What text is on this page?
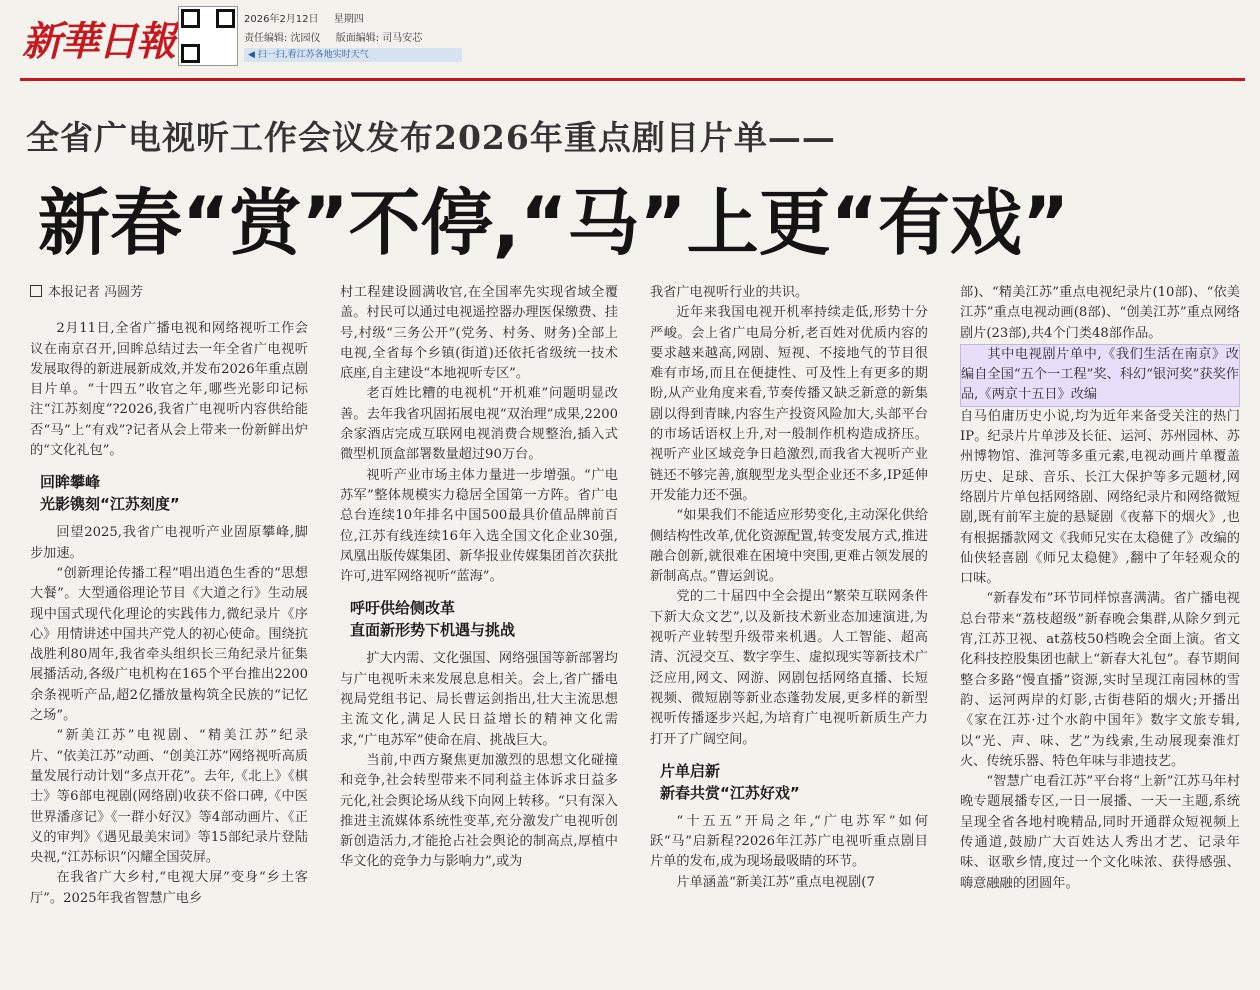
新華日報	2026年2月12日 星期四
责任编辑: 沈园仪 版面编辑: 司马安芯
◀ 扫一扫,看江苏各地实时天气
全省广电视听工作会议发布2026年重点剧目片单——
新春“赏”不停,“马”上更“有戏”
本报记者 冯圆芳

2月11日,全省广播电视和网络视听工作会议在南京召开,回眸总结过去一年全省广电视听发展取得的新进展新成效,并发布2026年重点剧目片单。“十四五”收官之年,哪些光影印记标注“江苏刻度”?2026,我省广电视听内容供给能否“马”上“有戏”?记者从会上带来一份新鲜出炉的“文化礼包”。

回眸攀峰
光影镌刻“江苏刻度”

回望2025,我省广电视听产业固原攀峰,脚步加速。

“创新理论传播工程”唱出逍色生香的“思想大餐”。大型通俗理论节目《大道之行》生动展现中国式现代化理论的实践伟力,微纪录片《序心》用情讲述中国共产党人的初心使命。围绕抗战胜利80周年,我省牵头组织长三角纪录片征集展播活动,各级广电机构在165个平台推出2200余条视听产品,超2亿播放量构筑全民族的“记忆之场”。

“新美江苏”电视剧、“精美江苏”纪录片、“依美江苏”动画、“创美江苏”网络视听高质量发展行动计划“多点开花”。去年,《北上》《棋士》等6部电视剧(网络剧)收获不俗口碑,《中医世界潘彦记》《一群小好汉》等4部动画片、《正义的审判》《遇见最美宋词》等15部纪录片登陆央视,“江苏标识”闪耀全国荧屏。

在我省广大乡村,“电视大屏”变身“乡土客厅”。2025年我省智慧广电乡

村工程建设圆满收官,在全国率先实现省域全覆盖。村民可以通过电视遥控器办理医保缴费、挂号,村级“三务公开”(党务、村务、财务)全部上电视,全省每个乡镇(街道)还依托省级统一技术底座,自主建设“本地视听专区”。

老百姓比糟的电视机“开机难”问题明显改善。去年我省巩固拓展电视“双治理”成果,2200余家酒店完成互联网电视消费合规整治,插入式微型机顶盒部署数量超过90万台。

视听产业市场主体力量进一步增强。“广电苏军”整体规模实力稳居全国第一方阵。省广电总台连续10年排名中国500最具价值品牌前百位,江苏有线连续16年入选全国文化企业30强,凤凰出版传媒集团、新华报业传媒集团首次获批许可,进军网络视听“蓝海”。

呼吁供给侧改革
直面新形势下机遇与挑战

扩大内需、文化强国、网络强国等新部署均与广电视听未来发展息息相关。会上,省广播电视局党组书记、局长曹运剑指出,壮大主流思想主流文化,满足人民日益增长的精神文化需求,“广电苏军”使命在肩、挑战巨大。

当前,中西方聚焦更加激烈的思想文化碰撞和竞争,社会转型带来不同利益主体诉求日益多元化,社会舆论场从线下向网上转移。“只有深入推进主流媒体系统性变革,充分激发广电视听创新创造活力,才能抢占社会舆论的制高点,厚植中华文化的竞争力与影响力”,或为

我省广电视听行业的共识。

近年来我国电视开机率持续走低,形势十分严峻。会上省广电局分析,老百姓对优质内容的要求越来越高,网剧、短视、不接地气的节目很难有市场,而且在便捷性、可及性上有更多的期盼,从产业角度来看,节奏传播又缺乏新意的新集剧以得到青睐,内容生产投资风险加大,头部平台的市场话语权上升,对一般制作机构造成挤压。视听产业区域竞争日趋激烈,而我省大视听产业链还不够完善,旗舰型龙头型企业还不多,IP延伸开发能力还不强。

“如果我们不能适应形势变化,主动深化供给侧结构性改革,优化资源配置,转变发展方式,推进融合创新,就很难在困境中突围,更难占领发展的新制高点。”曹运剑说。

党的二十届四中全会提出“繁荣互联网条件下新大众文艺”,以及新技术新业态加速演进,为视听产业转型升级带来机遇。人工智能、超高清、沉浸交互、数字孪生、虚拟现实等新技术广泛应用,网文、网游、网剧包括网络直播、长短视频、微短剧等新业态蓬勃发展,更多样的新型视听传播逐步兴起,为培育广电视听新质生产力打开了广阔空间。

片单启新
新春共赏“江苏好戏”

“十五五”开局之年,“广电苏军”如何跃“马”启新程?2026年江苏广电视听重点剧目片单的发布,成为现场最吸睛的环节。

片单涵盖“新美江苏”重点电视剧(7

部)、“精美江苏”重点电视纪录片(10部)、“依美江苏”重点电视动画(8部)、“创美江苏”重点网络剧片(23部),共4个门类48部作品。

其中电视剧片单中,《我们生活在南京》改编自全国“五个一工程”奖、科幻“银河奖”获奖作品,《两京十五日》改编
自马伯庸历史小说,均为近年来备受关注的热门IP。纪录片片单涉及长征、运河、苏州园林、苏州博物馆、淮河等多重元素,电视动画片单覆盖历史、足球、音乐、长江大保护等多元题材,网络剧片片单包括网络剧、网络纪录片和网络微短剧,既有前军主旋的悬疑剧《夜幕下的烟火》,也有根据播款网文《我师兄实在太稳健了》改编的仙侠轻喜剧《师兄太稳健》,翻中了年轻观众的口味。

“新春发布”环节同样惊喜满满。省广播电视总台带来“荔枝超级”新春晚会集群,从除夕到元宵,江苏卫视、at荔枝50档晚会全面上演。省文化科技控股集团也献上“新春大礼包”。春节期间整合多路“慢直播”资源,实时呈现江南园林的雪韵、运河两岸的灯影,古街巷陌的烟火;开播出《家在江苏·过个水韵中国年》数字文旅专辑,以“光、声、味、艺”为线索,生动展现秦淮灯火、传统乐器、特色年味与非遗技艺。

“智慧广电看江苏”平台将“上新”江苏马年村晚专题展播专区,一日一展播、一天一主题,系统呈现全省各地村晚精品,同时开通群众短视频上传通道,鼓励广大百姓达人秀出才艺、记录年味、讴歌乡情,度过一个文化味浓、获得感强、嗨意融融的团圆年。
